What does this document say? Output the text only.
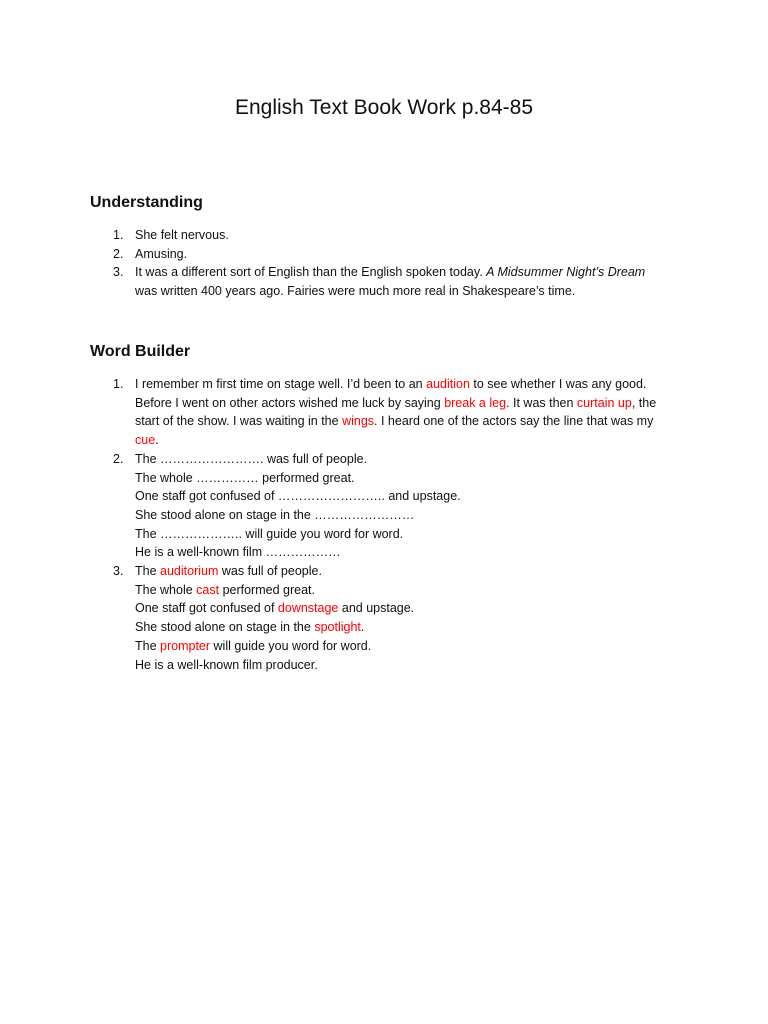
English Text Book Work p.84-85
Understanding
1. She felt nervous.
2. Amusing.
3. It was a different sort of English than the English spoken today. A Midsummer Night’s Dream
was written 400 years ago. Fairies were much more real in Shakespeare’s time.
Word Builder
1. I remember m first time on stage well. I’d been to an audition to see whether I was any good.
Before I went on other actors wished me luck by saying break a leg. It was then curtain up, the
start of the show. I was waiting in the wings. I heard one of the actors say the line that was my
cue.
2. The ……………………. was full of people.
The whole …………… performed great.
One staff got confused of …………………….. and upstage.
She stood alone on stage in the ……………………
The ……………….. will guide you word for word.
He is a well-known film ………………
3. The auditorium was full of people.
The whole cast performed great.
One staff got confused of downstage and upstage.
She stood alone on stage in the spotlight.
The prompter will guide you word for word.
He is a well-known film producer.
